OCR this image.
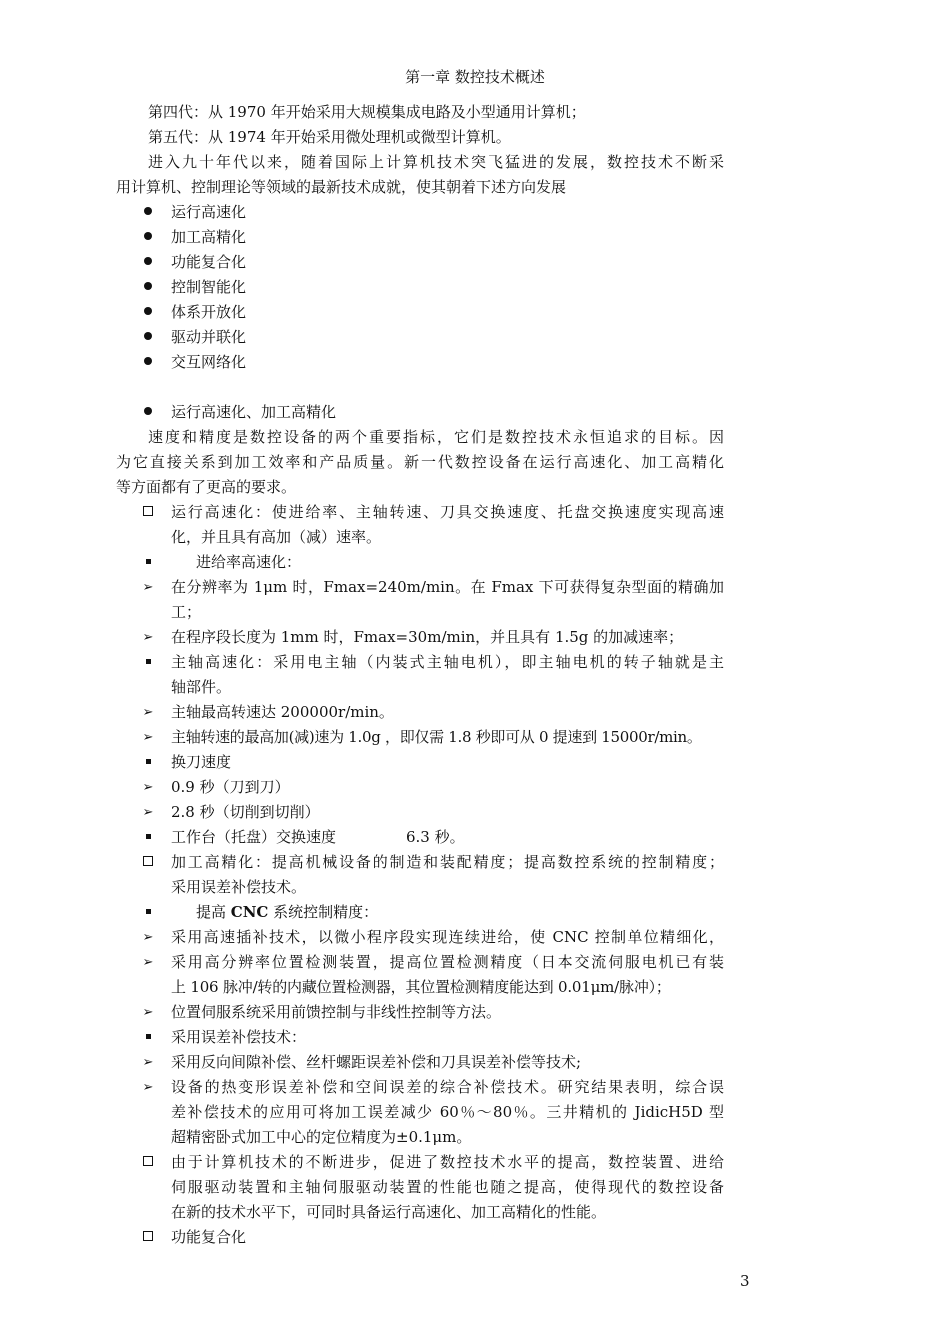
第一章 数控技术概述
第四代：从 1970 年开始采用大规模集成电路及小型通用计算机；
第五代：从 1974 年开始采用微处理机或微型计算机。
进入九十年代以来，随着国际上计算机技术突飞猛进的发展，数控技术不断采
用计算机、控制理论等领域的最新技术成就，使其朝着下述方向发展
运行高速化
加工高精化
功能复合化
控制智能化
体系开放化
驱动并联化
交互网络化
运行高速化、加工高精化
速度和精度是数控设备的两个重要指标，它们是数控技术永恒追求的目标。因
为它直接关系到加工效率和产品质量。新一代数控设备在运行高速化、加工高精化
等方面都有了更高的要求。
运行高速化：使进给率、主轴转速、刀具交换速度、托盘交换速度实现高速
化，并且具有高加（减）速率。
进给率高速化：
➢
在分辨率为 1μm 时，Fmax=240m/min。在 Fmax 下可获得复杂型面的精确加
工；
➢
在程序段长度为 1mm 时，Fmax=30m/min，并且具有 1.5g 的加减速率；
主轴高速化：采用电主轴（内装式主轴电机），即主轴电机的转子轴就是主
轴部件。
➢
主轴最高转速达 200000r/min。
➢
主轴转速的最高加(减)速为 1.0g ，即仅需 1.8 秒即可从 0 提速到 15000r/min。
换刀速度
➢
0.9 秒（刀到刀）
➢
2.8 秒（切削到切削）
工作台（托盘）交换速度	6.3 秒。
加工高精化：提高机械设备的制造和装配精度；提高数控系统的控制精度；
采用误差补偿技术。
提高 CNC 系统控制精度：
➢
采用高速插补技术，以微小程序段实现连续进给，使 CNC 控制单位精细化，
➢
采用高分辨率位置检测装置，提高位置检测精度（日本交流伺服电机已有装
上 106 脉冲/转的内藏位置检测器，其位置检测精度能达到 0.01μm/脉冲）；
➢
位置伺服系统采用前馈控制与非线性控制等方法。
采用误差补偿技术：
➢
采用反向间隙补偿、丝杆螺距误差补偿和刀具误差补偿等技术;
➢
设备的热变形误差补偿和空间误差的综合补偿技术。研究结果表明，综合误
差补偿技术的应用可将加工误差减少 60％～80％。三井精机的 JidicH5D 型
超精密卧式加工中心的定位精度为±0.1μm。
由于计算机技术的不断进步，促进了数控技术水平的提高，数控装置、进给
伺服驱动装置和主轴伺服驱动装置的性能也随之提高，使得现代的数控设备
在新的技术水平下，可同时具备运行高速化、加工高精化的性能。
功能复合化
3
